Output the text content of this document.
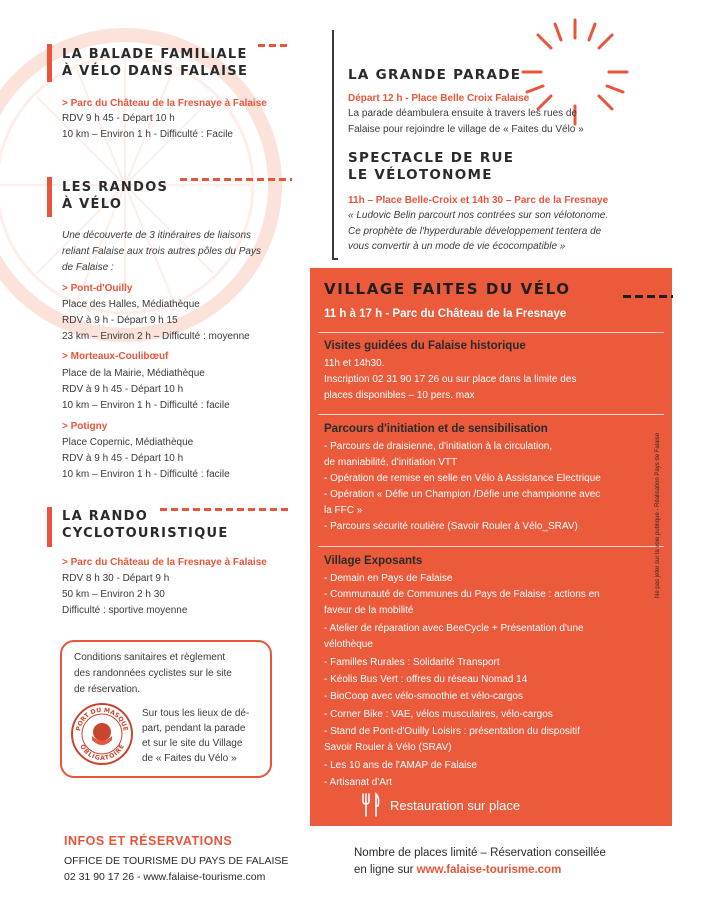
LA BALADE FAMILIALE
À VÉLO DANS FALAISE
> Parc du Château de la Fresnaye à Falaise
RDV 9 h 45 - Départ 10 h
10 km – Environ 1 h - Difficulté : Facile
LES RANDOS
À VÉLO
Une découverte de 3 itinéraires de liaisons
reliant Falaise aux trois autres pôles du Pays
de Falaise :
> Pont-d'Ouilly
Place des Halles, Médiathèque
RDV à 9 h - Départ 9 h 15
23 km – Environ 2 h – Difficulté : moyenne
> Morteaux-Coulibœuf
Place de la Mairie, Médiathèque
RDV à 9 h 45 - Départ 10 h
10 km – Environ 1 h - Difficulté : facile
> Potigny
Place Copernic, Médiathèque
RDV à 9 h 45 - Départ 10 h
10 km – Environ 1 h - Difficulté : facile
LA RANDO
CYCLOTOURISTIQUE
> Parc du Château de la Fresnaye à Falaise
RDV 8 h 30 - Départ 9 h
50 km – Environ 2 h 30
Difficulté : sportive moyenne
Conditions sanitaires et règlement
des randonnées cyclistes sur le site
de réservation.
PORT DU MASQUE
OBLIGATOIRE
Sur tous les lieux de dé-
part, pendant la parade
et sur le site du Village
de « Faites du Vélo »
LA GRANDE PARADE
Départ 12 h - Place Belle Croix Falaise
La parade déambulera ensuite à travers les rues de
Falaise pour rejoindre le village de « Faites du Vélo »
SPECTACLE DE RUE
LE VÉLOTONOME
11h – Place Belle-Croix et 14h 30 – Parc de la Fresnaye
« Ludovic Belin parcourt nos contrées sur son vélotonome.
Ce prophète de l'hyperdurable développement tentera de
vous convertir à un mode de vie écocompatible »
VILLAGE FAITES DU VÉLO
11 h à 17 h - Parc du Château de la Fresnaye
Visites guidées du Falaise historique
11h et 14h30.
Inscription 02 31 90 17 26 ou sur place dans la limite des
places disponibles – 10 pers. max
Parcours d'initiation et de sensibilisation
- Parcours de draisienne, d'initiation à la circulation,
de maniabilité, d'initiation VTT
- Opération de remise en selle en Vélo à Assistance Electrique
- Opération « Défie un Champion /Défie une championne avec
la FFC »
- Parcours sécurité routière (Savoir Rouler à Vélo_SRAV)
Village Exposants
- Demain en Pays de Falaise
- Communauté de Communes du Pays de Falaise : actions en
faveur de la mobilité
- Atelier de réparation avec BeeCycle + Présentation d'une
vélothèque
- Familles Rurales : Solidarité Transport
- Kéolis Bus Vert : offres du réseau Nomad 14
- BioCoop avec vélo-smoothie et vélo-cargos
- Corner Bike : VAE, vélos musculaires, vélo-cargos
- Stand de Pont-d'Ouilly Loisirs : présentation du dispositif
Savoir Rouler à Vélo (SRAV)
- Les 10 ans de l'AMAP de Falaise
- Artisanat d'Art
Restauration sur place
Ne pas jeter sur la voie publique - Réalisation Pays de Falaise
INFOS ET RÉSERVATIONS
OFFICE DE TOURISME DU PAYS DE FALAISE
02 31 90 17 26 - www.falaise-tourisme.com
Nombre de places limité – Réservation conseillée
en ligne sur www.falaise-tourisme.com
